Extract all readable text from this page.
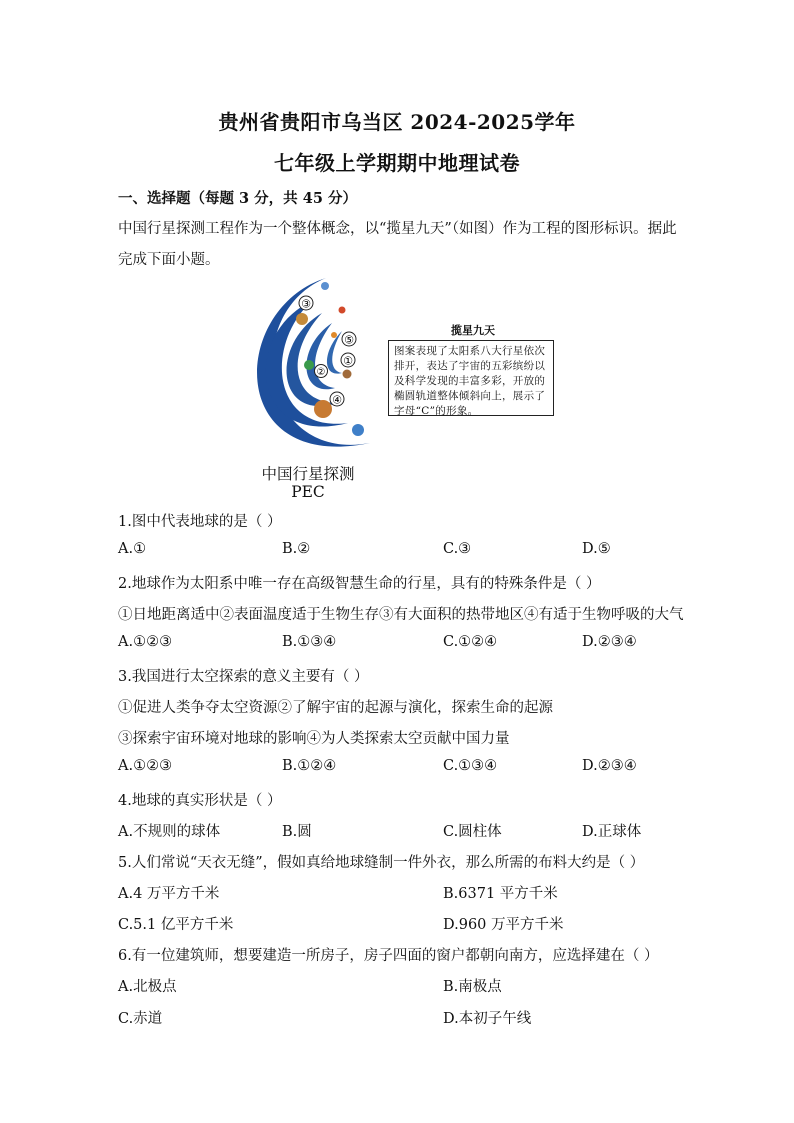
贵州省贵阳市乌当区 2024-2025学年
七年级上学期期中地理试卷
一、选择题（每题 3 分，共 45 分）
中国行星探测工程作为一个整体概念，以“揽星九天”（如图）作为工程的图形标识。据此
完成下面小题。
③
⑤
①
②
④
揽星九天
图案表现了太阳系八大行星依次排开，表达了宇宙的五彩缤纷以及科学发现的丰富多彩，开放的椭圆轨道整体倾斜向上，展示了字母“C”的形象。
中国行星探测
PEC
1.图中代表地球的是（ ）
A.①	B.②	C.③	D.⑤
2.地球作为太阳系中唯一存在高级智慧生命的行星，具有的特殊条件是（ ）
①日地距离适中②表面温度适于生物生存③有大面积的热带地区④有适于生物呼吸的大气
A.①②③	B.①③④	C.①②④	D.②③④
3.我国进行太空探索的意义主要有（ ）
①促进人类争夺太空资源②了解宇宙的起源与演化，探索生命的起源
③探索宇宙环境对地球的影响④为人类探索太空贡献中国力量
A.①②③	B.①②④	C.①③④	D.②③④
4.地球的真实形状是（ ）
A.不规则的球体	B.圆	C.圆柱体	D.正球体
5.人们常说“天衣无缝”，假如真给地球缝制一件外衣，那么所需的布料大约是（ ）
A.4 万平方千米	B.6371 平方千米
C.5.1 亿平方千米	D.960 万平方千米
6.有一位建筑师，想要建造一所房子，房子四面的窗户都朝向南方，应选择建在（ ）
A.北极点	B.南极点
C.赤道	D.本初子午线
